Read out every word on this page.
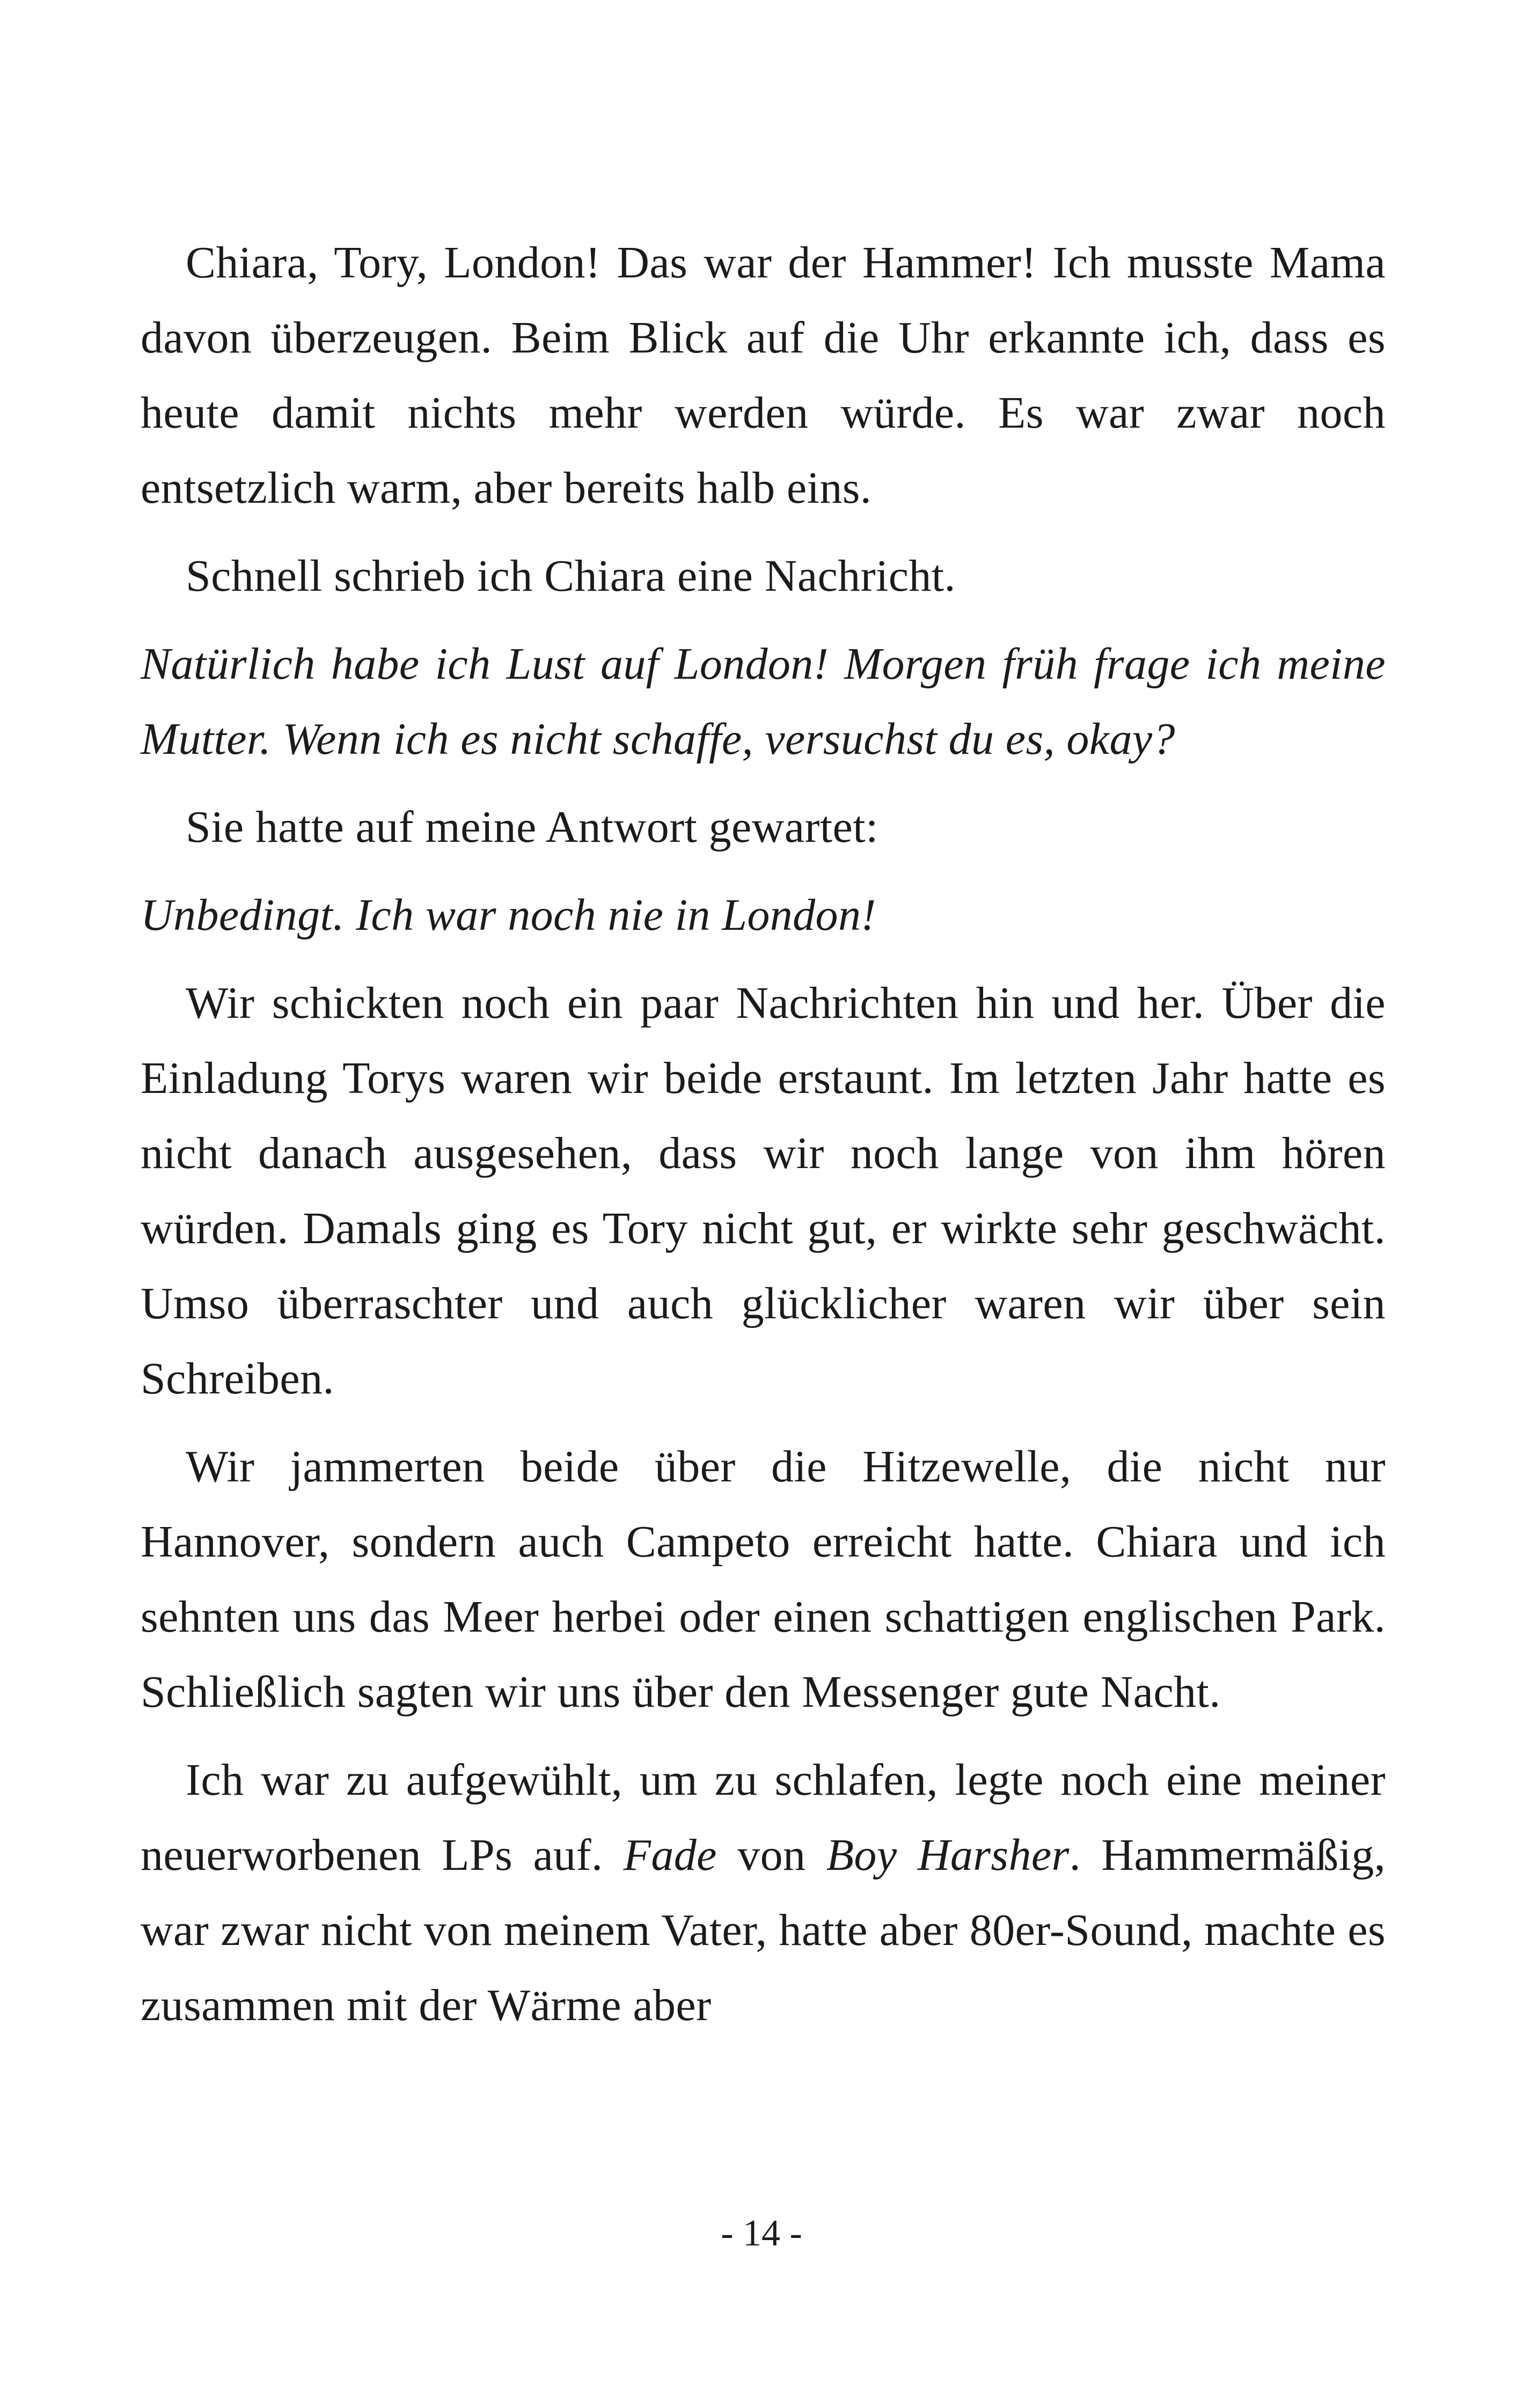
Chiara, Tory, London! Das war der Hammer! Ich musste Mama davon überzeugen. Beim Blick auf die Uhr erkannte ich, dass es heute damit nichts mehr werden würde. Es war zwar noch entsetzlich warm, aber bereits halb eins.

Schnell schrieb ich Chiara eine Nachricht.

Natürlich habe ich Lust auf London! Morgen früh frage ich meine Mutter. Wenn ich es nicht schaffe, versuchst du es, okay?

Sie hatte auf meine Antwort gewartet:

Unbedingt. Ich war noch nie in London!

Wir schickten noch ein paar Nachrichten hin und her. Über die Einladung Torys waren wir beide erstaunt. Im letzten Jahr hatte es nicht danach ausgesehen, dass wir noch lange von ihm hören würden. Damals ging es Tory nicht gut, er wirkte sehr geschwächt. Umso überraschter und auch glücklicher waren wir über sein Schreiben.

Wir jammerten beide über die Hitzewelle, die nicht nur Hannover, sondern auch Campeto erreicht hatte. Chiara und ich sehnten uns das Meer herbei oder einen schattigen englischen Park. Schließlich sagten wir uns über den Messenger gute Nacht.

Ich war zu aufgewühlt, um zu schlafen, legte noch eine meiner neuerworbenen LPs auf. Fade von Boy Harsher. Hammermäßig, war zwar nicht von meinem Vater, hatte aber 80er-Sound, machte es zusammen mit der Wärme aber

- 14 -
